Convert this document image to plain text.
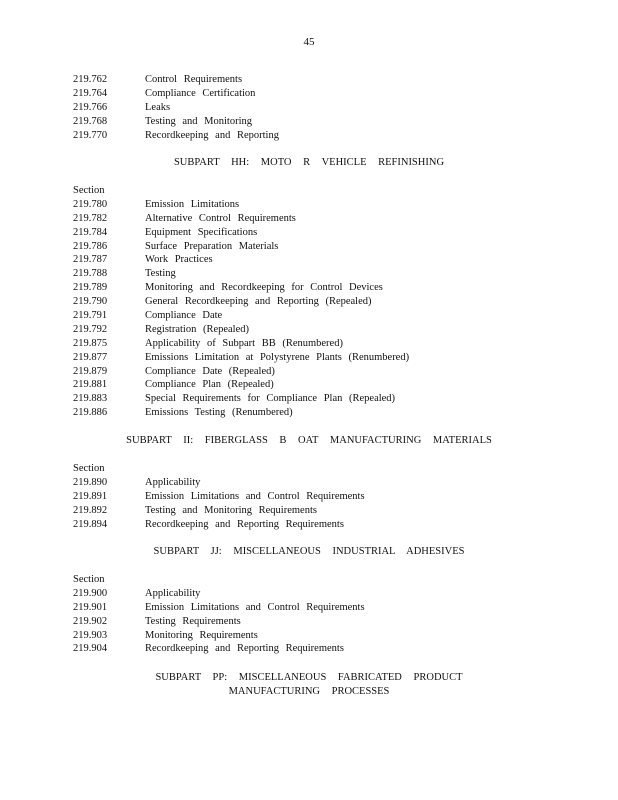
45
219.762	Control Requirements
219.764	Compliance Certification
219.766	Leaks
219.768	Testing and Monitoring
219.770	Recordkeeping and Reporting
SUBPART HH: MOTO R VEHICLE REFINISHING
Section
219.780	Emission Limitations
219.782	Alternative Control Requirements
219.784	Equipment Specifications
219.786	Surface Preparation Materials
219.787	Work Practices
219.788	Testing
219.789	Monitoring and Recordkeeping for Control Devices
219.790	General Recordkeeping and Reporting (Repealed)
219.791	Compliance Date
219.792	Registration (Repealed)
219.875	Applicability of Subpart BB (Renumbered)
219.877	Emissions Limitation at Polystyrene Plants (Renumbered)
219.879	Compliance Date (Repealed)
219.881	Compliance Plan (Repealed)
219.883	Special Requirements for Compliance Plan (Repealed)
219.886	Emissions Testing (Renumbered)
SUBPART II: FIBERGLASS B OAT MANUFACTURING MATERIALS
Section
219.890	Applicability
219.891	Emission Limitations and Control Requirements
219.892	Testing and Monitoring Requirements
219.894	Recordkeeping and Reporting Requirements
SUBPART JJ: MISCELLANEOUS INDUSTRIAL ADHESIVES
Section
219.900	Applicability
219.901	Emission Limitations and Control Requirements
219.902	Testing Requirements
219.903	Monitoring Requirements
219.904	Recordkeeping and Reporting Requirements
SUBPART PP: MISCELLANEOUS FABRICATED PRODUCT
MANUFACTURING PROCESSES
